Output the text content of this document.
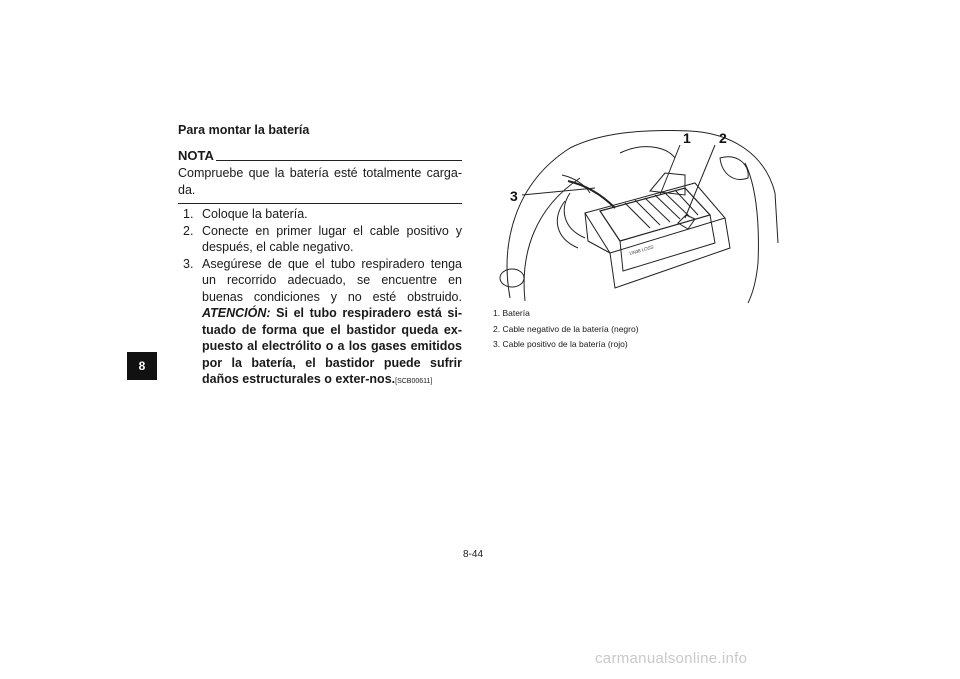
8
Para montar la batería
NOTA
Compruebe que la batería esté totalmente carga-da.
1. Coloque la batería.
2. Conecte en primer lugar el cable positivo y después, el cable negativo.
3. Asegúrese de que el tubo respiradero tenga un recorrido adecuado, se encuentre en buenas condiciones y no esté obstruido. ATENCIÓN: Si el tubo respiradero está si-tuado de forma que el bastidor queda ex-puesto al electrólito o a los gases emitidos por la batería, el bastidor puede sufrir daños estructurales o exter-nos.[SCB00611]
UN38 LOSS
1 2
3
1. Batería
2. Cable negativo de la batería (negro)
3. Cable positivo de la batería (rojo)
8-44
carmanualsonline.info
